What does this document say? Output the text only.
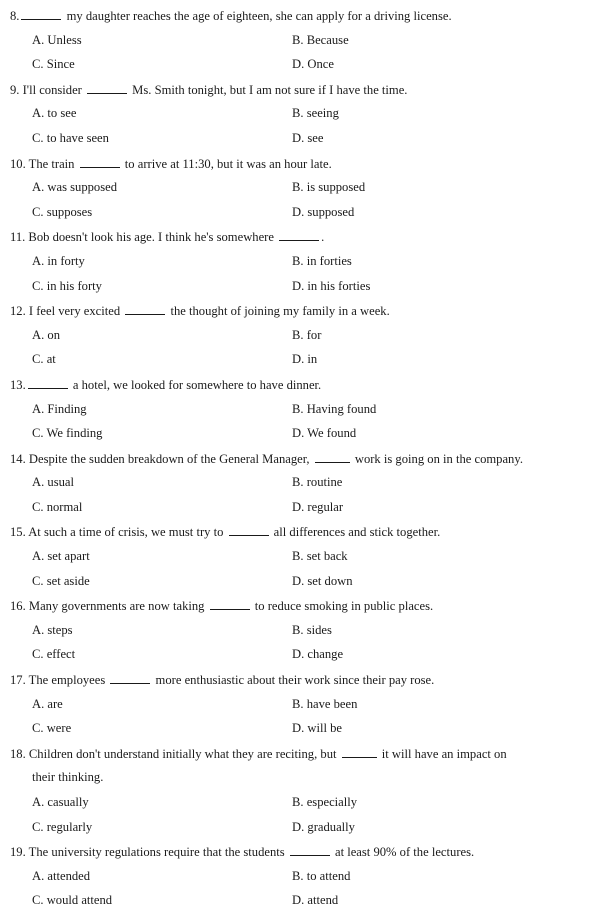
8.	my daughter reaches the age of eighteen, she can apply for a driving license.
A. Unless	B. Because
C. Since	D. Once
9. I'll consider	Ms. Smith tonight, but I am not sure if I have the time.
A. to see	B. seeing
C. to have seen	D. see
10. The train	to arrive at 11:30, but it was an hour late.
A. was supposed	B. is supposed
C. supposes	D. supposed
11. Bob doesn't look his age. I think he's somewhere	.
A. in forty	B. in forties
C. in his forty	D. in his forties
12. I feel very excited	the thought of joining my family in a week.
A. on	B. for
C. at	D. in
13.	a hotel, we looked for somewhere to have dinner.
A. Finding	B. Having found
C. We finding	D. We found
14. Despite the sudden breakdown of the General Manager,	work is going on in the company.
A. usual	B. routine
C. normal	D. regular
15. At such a time of crisis, we must try to	all differences and stick together.
A. set apart	B. set back
C. set aside	D. set down
16. Many governments are now taking	to reduce smoking in public places.
A. steps	B. sides
C. effect	D. change
17. The employees	more enthusiastic about their work since their pay rose.
A. are	B. have been
C. were	D. will be
18. Children don't understand initially what they are reciting, but	it will have an impact on
their thinking.
A. casually	B. especially
C. regularly	D. gradually
19. The university regulations require that the students	at least 90% of the lectures.
A. attended	B. to attend
C. would attend	D. attend
